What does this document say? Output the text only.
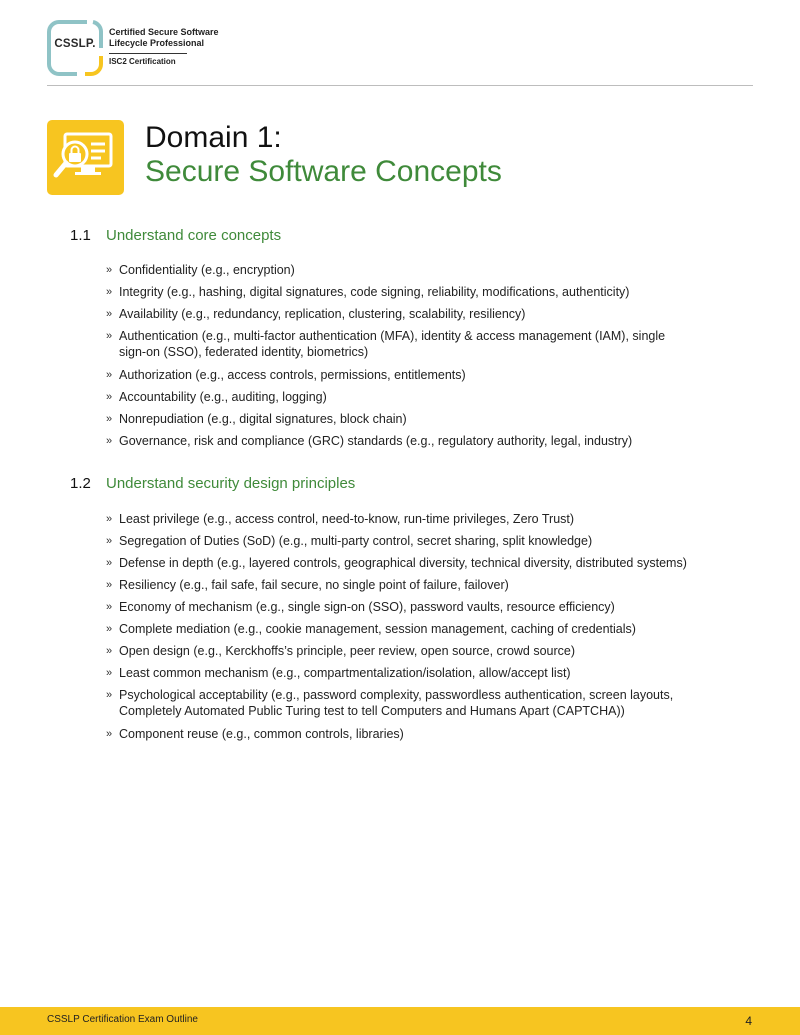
CSSLP.
Certified Secure Software
Lifecycle Professional
ISC2 Certification
Domain 1:
Secure Software Concepts
1.1 Understand core concepts
» Confidentiality (e.g., encryption)
» Integrity (e.g., hashing, digital signatures, code signing, reliability, modifications, authenticity)
» Availability (e.g., redundancy, replication, clustering, scalability, resiliency)
» Authentication (e.g., multi-factor authentication (MFA), identity & access management (IAM), single sign-on (SSO), federated identity, biometrics)
» Authorization (e.g., access controls, permissions, entitlements)
» Accountability (e.g., auditing, logging)
» Nonrepudiation (e.g., digital signatures, block chain)
» Governance, risk and compliance (GRC) standards (e.g., regulatory authority, legal, industry)
1.2 Understand security design principles
» Least privilege (e.g., access control, need-to-know, run-time privileges, Zero Trust)
» Segregation of Duties (SoD) (e.g., multi-party control, secret sharing, split knowledge)
» Defense in depth (e.g., layered controls, geographical diversity, technical diversity, distributed systems)
» Resiliency (e.g., fail safe, fail secure, no single point of failure, failover)
» Economy of mechanism (e.g., single sign-on (SSO), password vaults, resource efficiency)
» Complete mediation (e.g., cookie management, session management, caching of credentials)
» Open design (e.g., Kerckhoffs’s principle, peer review, open source, crowd source)
» Least common mechanism (e.g., compartmentalization/isolation, allow/accept list)
» Psychological acceptability (e.g., password complexity, passwordless authentication, screen layouts, Completely Automated Public Turing test to tell Computers and Humans Apart (CAPTCHA))
» Component reuse (e.g., common controls, libraries)
CSSLP Certification Exam Outline	4
